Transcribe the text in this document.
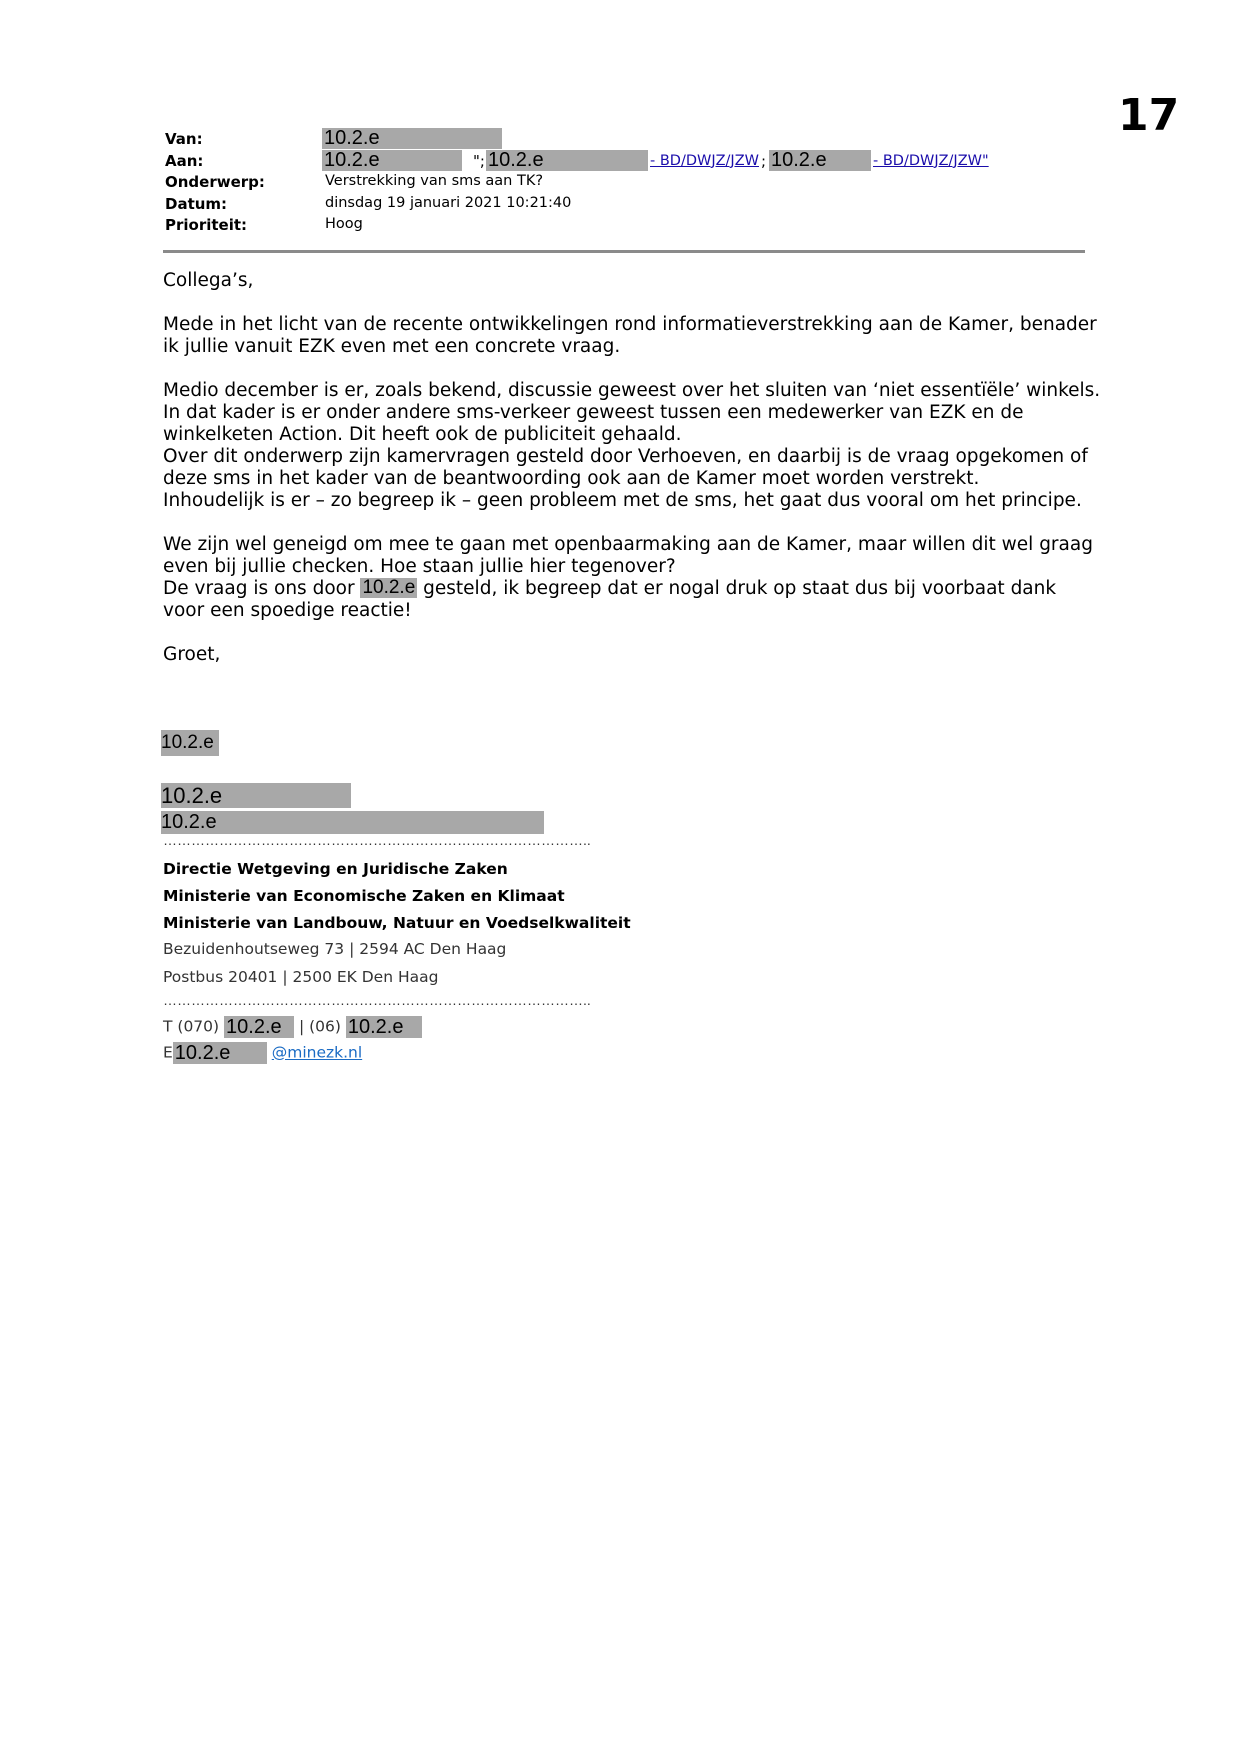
17
Van:	10.2.e
Aan:	10.2.e	"; 10.2.e	- BD/DWJZ/JZW ; 10.2.e	- BD/DWJZ/JZW"
Onderwerp:	Verstrekking van sms aan TK?
Datum:	dinsdag 19 januari 2021 10:21:40
Prioriteit:	Hoog

Collega’s,

Mede in het licht van de recente ontwikkelingen rond informatieverstrekking aan de Kamer, benader ik jullie vanuit EZK even met een concrete vraag.

Medio december is er, zoals bekend, discussie geweest over het sluiten van ‘niet essentïële’ winkels.

In dat kader is er onder andere sms-verkeer geweest tussen een medewerker van EZK en de winkelketen Action. Dit heeft ook de publiciteit gehaald.

Over dit onderwerp zijn kamervragen gesteld door Verhoeven, en daarbij is de vraag opgekomen of deze sms in het kader van de beantwoording ook aan de Kamer moet worden verstrekt.

Inhoudelijk is er – zo begreep ik – geen probleem met de sms, het gaat dus vooral om het principe.

We zijn wel geneigd om mee te gaan met openbaarmaking aan de Kamer, maar willen dit wel graag even bij jullie checken. Hoe staan jullie hier tegenover?

De vraag is ons door 10.2.e gesteld, ik begreep dat er nogal druk op staat dus bij voorbaat dank voor een spoedige reactie!

Groet,

10.2.e
10.2.e
10.2.e
………………………………………………………………………………..
Directie Wetgeving en Juridische Zaken
Ministerie van Economische Zaken en Klimaat
Ministerie van Landbouw, Natuur en Voedselkwaliteit
Bezuidenhoutseweg 73 | 2594 AC Den Haag
Postbus 20401 | 2500 EK Den Haag
………………………………………………………………………………..
T (070) 10.2.e | (06) 10.2.e
E 10.2.e	@minezk.nl
